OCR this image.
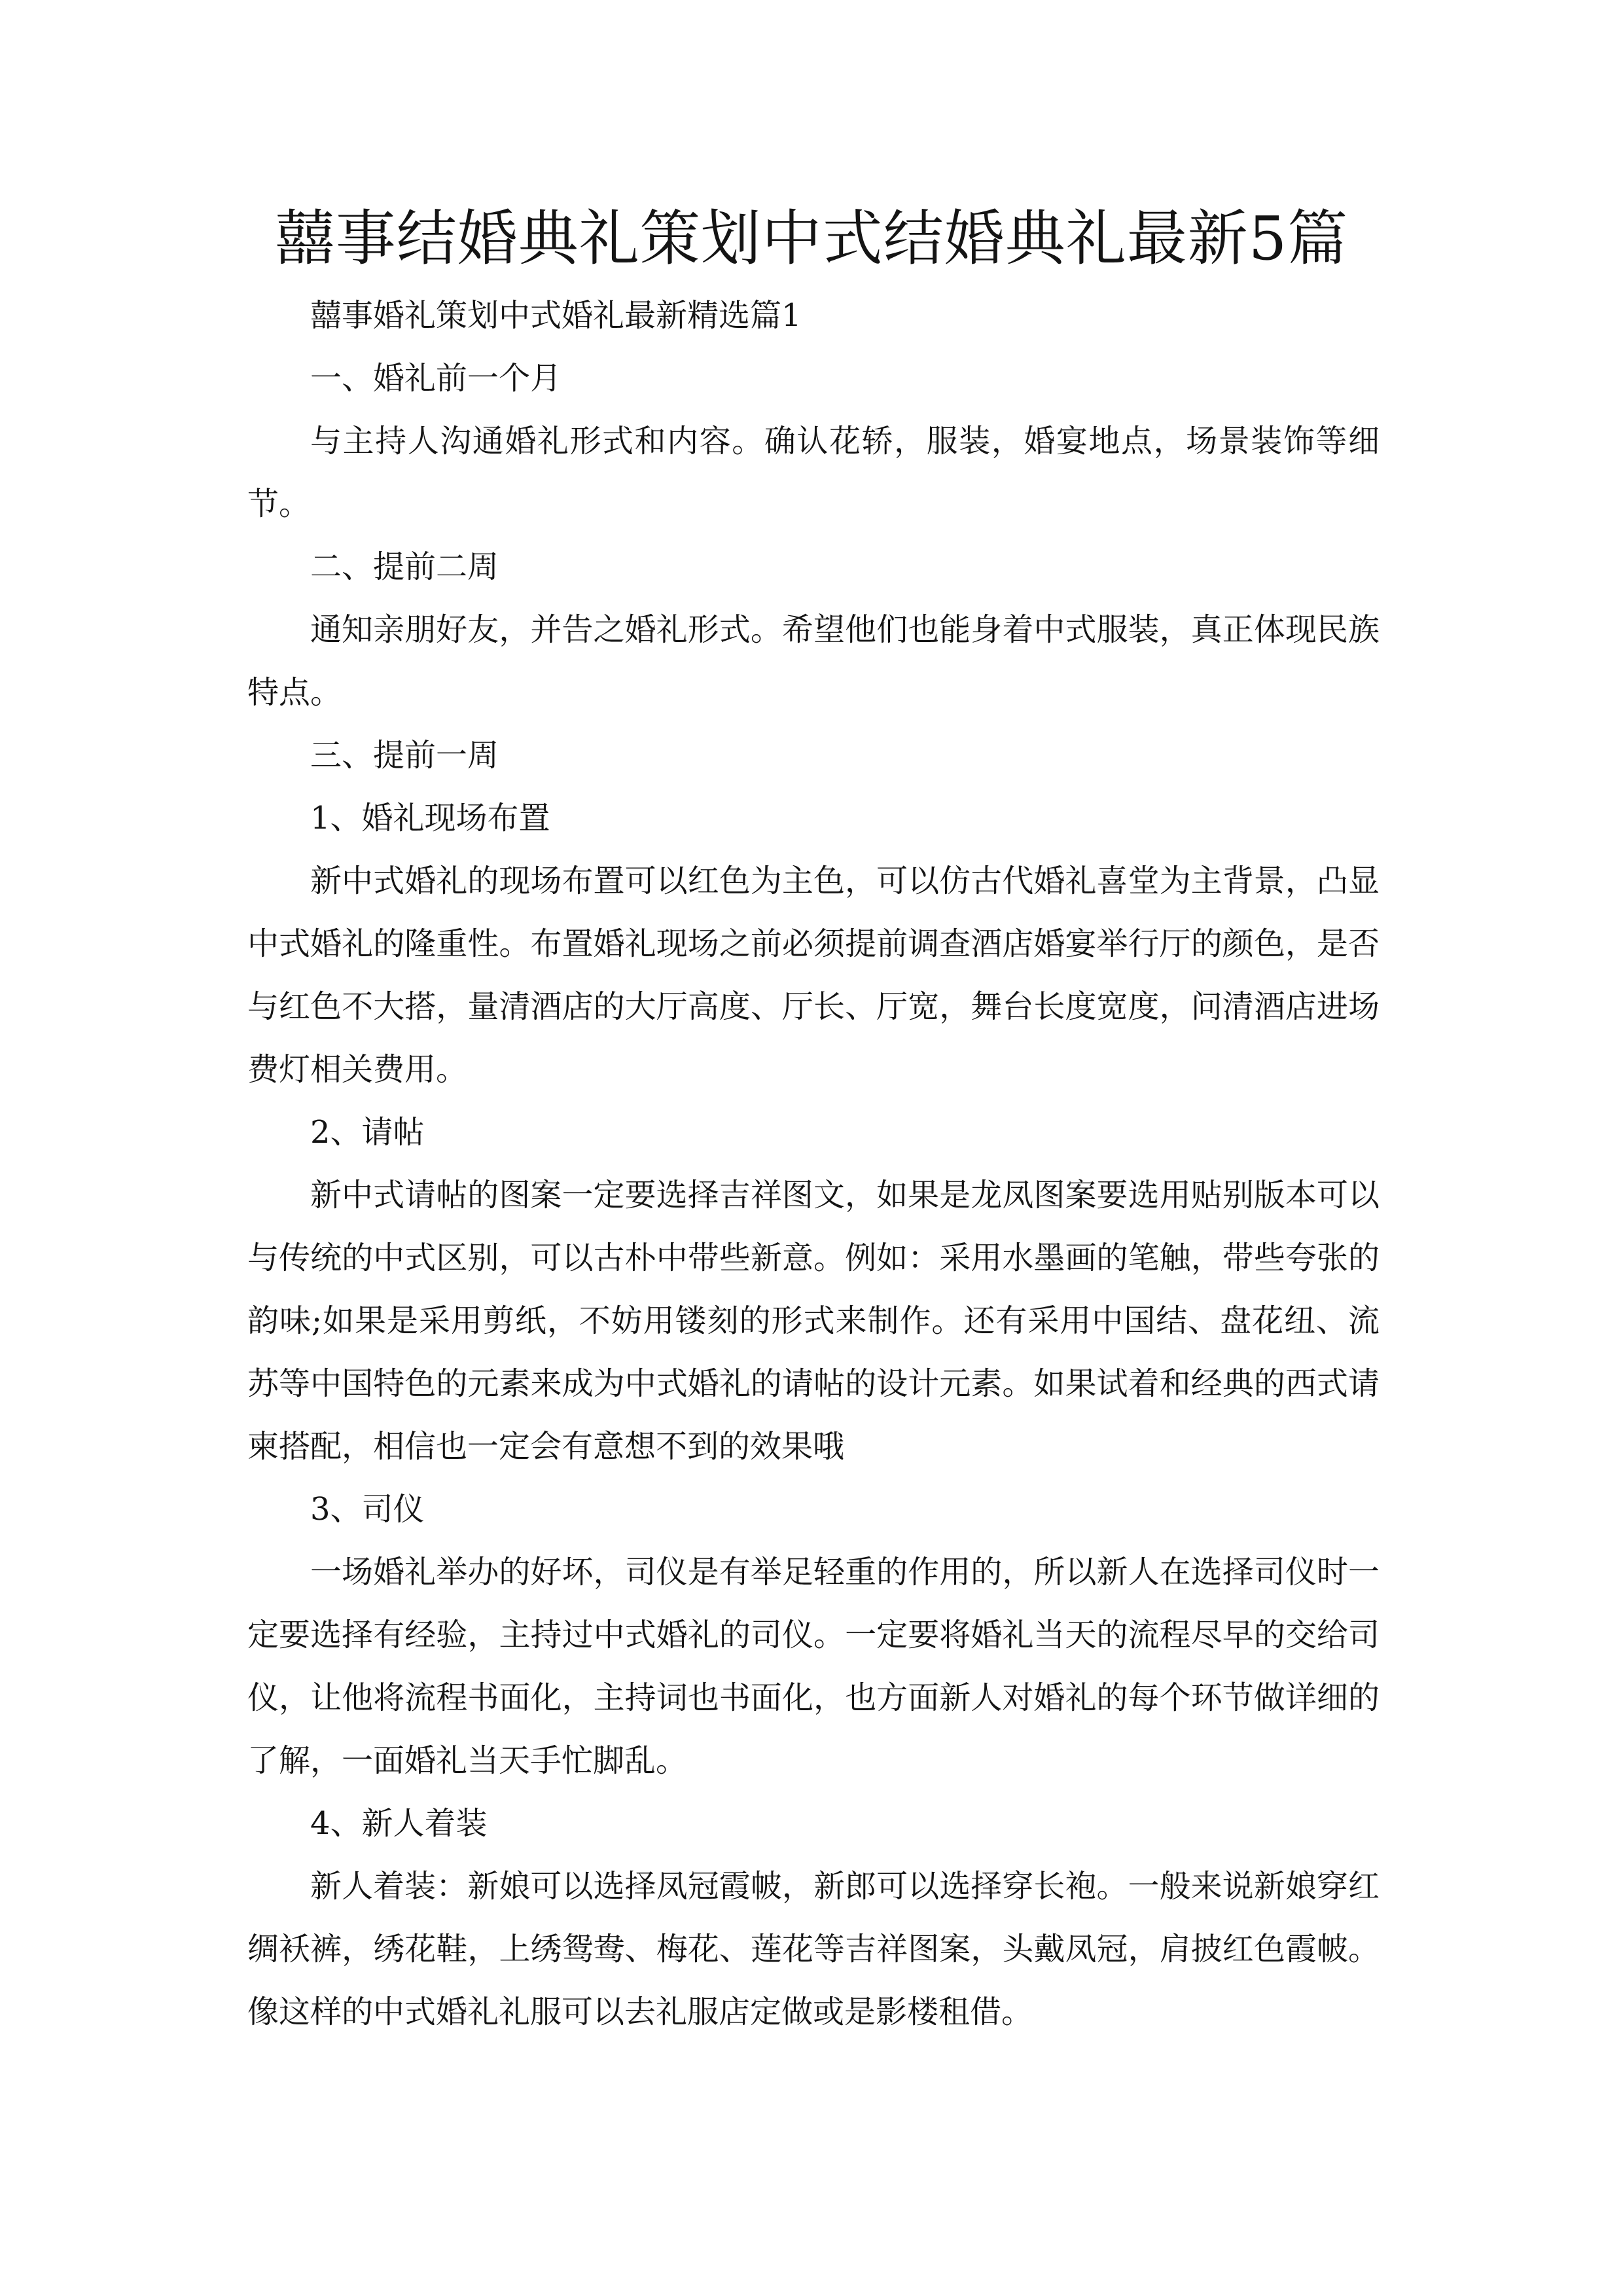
囍事结婚典礼策划中式结婚典礼最新5篇

囍事婚礼策划中式婚礼最新精选篇1

一、婚礼前一个月

与主持人沟通婚礼形式和内容。确认花轿，服装，婚宴地点，场景装饰等细节。

二、提前二周

通知亲朋好友，并告之婚礼形式。希望他们也能身着中式服装，真正体现民族特点。

三、提前一周

1、婚礼现场布置

新中式婚礼的现场布置可以红色为主色，可以仿古代婚礼喜堂为主背景，凸显中式婚礼的隆重性。布置婚礼现场之前必须提前调查酒店婚宴举行厅的颜色，是否与红色不大搭，量清酒店的大厅高度、厅长、厅宽，舞台长度宽度，问清酒店进场费灯相关费用。

2、请帖

新中式请帖的图案一定要选择吉祥图文，如果是龙凤图案要选用贴别版本可以与传统的中式区别，可以古朴中带些新意。例如：采用水墨画的笔触，带些夸张的韵味;如果是采用剪纸，不妨用镂刻的形式来制作。还有采用中国结、盘花纽、流苏等中国特色的元素来成为中式婚礼的请帖的设计元素。如果试着和经典的西式请柬搭配，相信也一定会有意想不到的效果哦

3、司仪

一场婚礼举办的好坏，司仪是有举足轻重的作用的，所以新人在选择司仪时一定要选择有经验，主持过中式婚礼的司仪。一定要将婚礼当天的流程尽早的交给司仪，让他将流程书面化，主持词也书面化，也方面新人对婚礼的每个环节做详细的了解，一面婚礼当天手忙脚乱。

4、新人着装

新人着装：新娘可以选择凤冠霞帔，新郎可以选择穿长袍。一般来说新娘穿红绸袄裤，绣花鞋，上绣鸳鸯、梅花、莲花等吉祥图案，头戴凤冠，肩披红色霞帔。像这样的中式婚礼礼服可以去礼服店定做或是影楼租借。
